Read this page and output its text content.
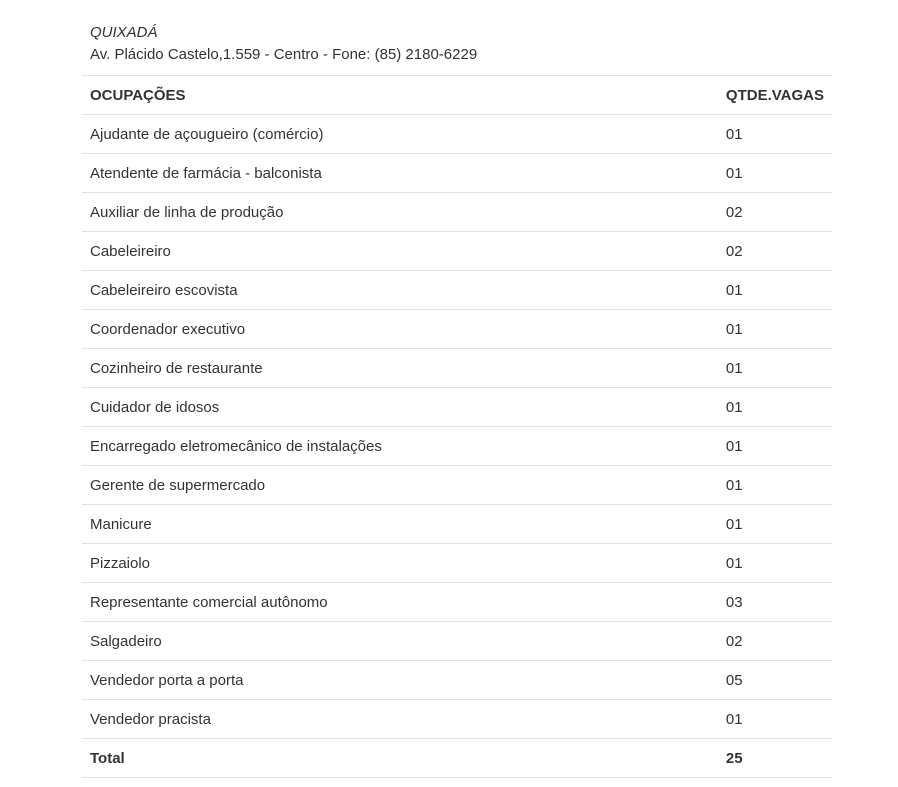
QUIXADÁ

Av. Plácido Castelo,1.559 - Centro - Fone: (85) 2180-6229

OCUPAÇÕES	QTDE.VAGAS
Ajudante de açougueiro (comércio)	01
Atendente de farmácia - balconista	01
Auxiliar de linha de produção	02
Cabeleireiro	02
Cabeleireiro escovista	01
Coordenador executivo	01
Cozinheiro de restaurante	01
Cuidador de idosos	01
Encarregado eletromecânico de instalações	01
Gerente de supermercado	01
Manicure	01
Pizzaiolo	01
Representante comercial autônomo	03
Salgadeiro	02
Vendedor porta a porta	05
Vendedor pracista	01
Total	25
